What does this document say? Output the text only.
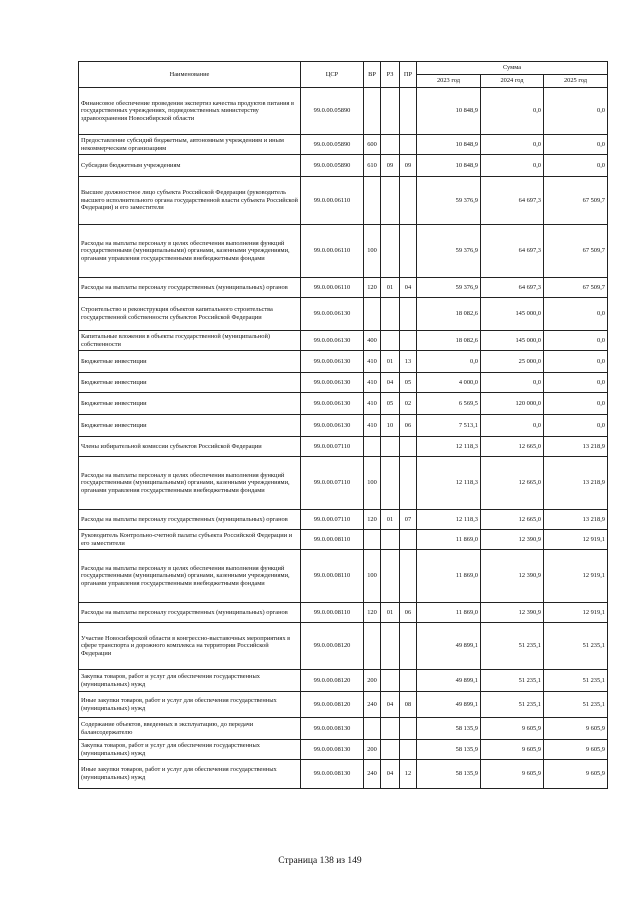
Наименование	ЦСР	ВР	РЗ	ПР	Сумма		
					2023 год	2024 год	2025 год
Финансовое обеспечение проведения экспертиз качества продуктов питания в государственных учреждениях, подведомственных министерству здравоохранения Новосибирской области	99.0.00.05890				10 848,9	0,0	0,0
Предоставление субсидий бюджетным, автономным учреждениям и иным некоммерческим организациям	99.0.00.05890	600			10 848,9	0,0	0,0
Субсидии бюджетным учреждениям	99.0.00.05890	610	09	09	10 848,9	0,0	0,0
Высшее должностное лицо субъекта Российской Федерации (руководитель высшего исполнительного органа государственной власти субъекта Российской Федерации) и его заместители	99.0.00.06110				59 376,9	64 697,3	67 509,7
Расходы на выплаты персоналу в целях обеспечения выполнения функций государственными (муниципальными) органами, казенными учреждениями, органами управления государственными внебюджетными фондами	99.0.00.06110	100			59 376,9	64 697,3	67 509,7
Расходы на выплаты персоналу государственных (муниципальных) органов	99.0.00.06110	120	01	04	59 376,9	64 697,3	67 509,7
Строительство и реконструкция объектов капитального строительства государственной собственности субъектов Российской Федерации	99.0.00.06130				18 082,6	145 000,0	0,0
Капитальные вложения в объекты государственной (муниципальной) собственности	99.0.00.06130	400			18 082,6	145 000,0	0,0
Бюджетные инвестиции	99.0.00.06130	410	01	13	0,0	25 000,0	0,0
Бюджетные инвестиции	99.0.00.06130	410	04	05	4 000,0	0,0	0,0
Бюджетные инвестиции	99.0.00.06130	410	05	02	6 569,5	120 000,0	0,0
Бюджетные инвестиции	99.0.00.06130	410	10	06	7 513,1	0,0	0,0
Члены избирательной комиссии субъектов Российской Федерации	99.0.00.07110				12 118,3	12 665,0	13 218,9
Расходы на выплаты персоналу в целях обеспечения выполнения функций государственными (муниципальными) органами, казенными учреждениями, органами управления государственными внебюджетными фондами	99.0.00.07110	100			12 118,3	12 665,0	13 218,9
Расходы на выплаты персоналу государственных (муниципальных) органов	99.0.00.07110	120	01	07	12 118,3	12 665,0	13 218,9
Руководитель Контрольно-счетной палаты субъекта Российской Федерации и его заместители	99.0.00.08110				11 869,0	12 390,9	12 919,1
Расходы на выплаты персоналу в целях обеспечения выполнения функций государственными (муниципальными) органами, казенными учреждениями, органами управления государственными внебюджетными фондами	99.0.00.08110	100			11 869,0	12 390,9	12 919,1
Расходы на выплаты персоналу государственных (муниципальных) органов	99.0.00.08110	120	01	06	11 869,0	12 390,9	12 919,1
Участие Новосибирской области в конгрессно-выставочных мероприятиях в сфере транспорта и дорожного комплекса на территории Российской Федерации	99.0.00.08120				49 899,1	51 235,1	51 235,1
Закупка товаров, работ и услуг для обеспечения государственных (муниципальных) нужд	99.0.00.08120	200			49 899,1	51 235,1	51 235,1
Иные закупки товаров, работ и услуг для обеспечения государственных (муниципальных) нужд	99.0.00.08120	240	04	08	49 899,1	51 235,1	51 235,1
Содержание объектов, введенных в эксплуатацию, до передачи балансодержателю	99.0.00.08130				58 135,9	9 605,9	9 605,9
Закупка товаров, работ и услуг для обеспечения государственных (муниципальных) нужд	99.0.00.08130	200			58 135,9	9 605,9	9 605,9
Иные закупки товаров, работ и услуг для обеспечения государственных (муниципальных) нужд	99.0.00.08130	240	04	12	58 135,9	9 605,9	9 605,9
Страница 138 из 149
